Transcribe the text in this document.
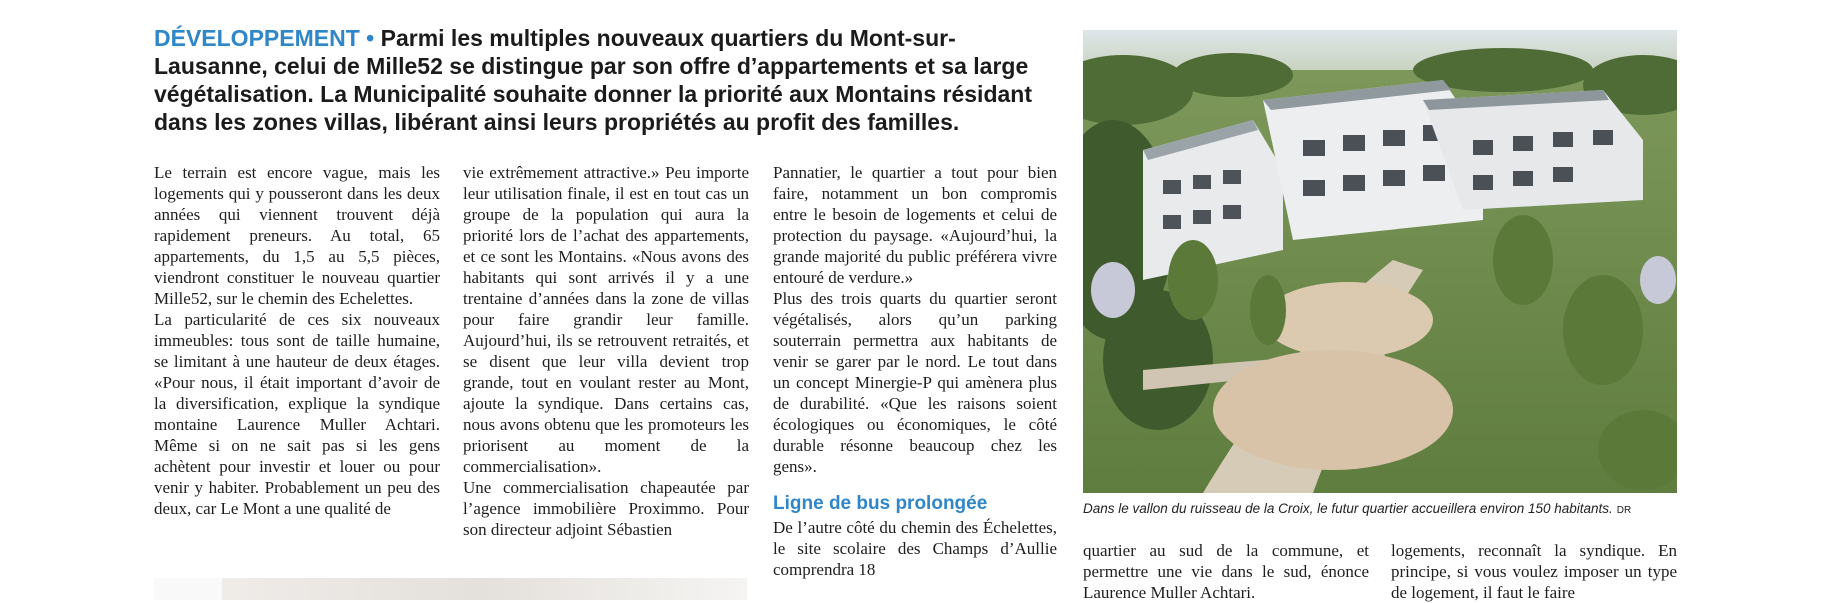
DÉVELOPPEMENT • Parmi les multiples nouveaux quartiers du Mont-sur-Lausanne, celui de Mille52 se distingue par son offre d’appartements et sa large végétalisation. La Municipalité souhaite donner la priorité aux Montains résidant dans les zones villas, libérant ainsi leurs propriétés au profit des familles.

Le terrain est encore vague, mais les logements qui y pousseront dans les deux années qui viennent trouvent déjà rapidement preneurs. Au total, 65 appartements, du 1,5 au 5,5 pièces, viendront constituer le nouveau quartier Mille52, sur le chemin des Echelettes.

La particularité de ces six nouveaux immeubles: tous sont de taille humaine, se limitant à une hauteur de deux étages. «Pour nous, il était important d’avoir de la diversification, explique la syndique montaine Laurence Muller Achtari. Même si on ne sait pas si les gens achètent pour investir et louer ou pour venir y habiter. Probablement un peu des deux, car Le Mont a une qualité de

vie extrêmement attractive.» Peu importe leur utilisation finale, il est en tout cas un groupe de la population qui aura la priorité lors de l’achat des appartements, et ce sont les Montains. «Nous avons des habitants qui sont arrivés il y a une trentaine d’années dans la zone de villas pour faire grandir leur famille. Aujourd’hui, ils se retrouvent retraités, et se disent que leur villa devient trop grande, tout en voulant rester au Mont, ajoute la syndique. Dans certains cas, nous avons obtenu que les promoteurs les priorisent au moment de la commercialisation».

Une commercialisation chapeautée par l’agence immobilière Proximmo. Pour son directeur adjoint Sébastien

Pannatier, le quartier a tout pour bien faire, notamment un bon compromis entre le besoin de logements et celui de protection du paysage. «Aujourd’hui, la grande majorité du public préférera vivre entouré de verdure.»

Plus des trois quarts du quartier seront végétalisés, alors qu’un parking souterrain permettra aux habitants de venir se garer par le nord. Le tout dans un concept Minergie-P qui amènera plus de durabilité. «Que les raisons soient écologiques ou économiques, le côté durable résonne beaucoup chez les gens».

Ligne de bus prolongée

De l’autre côté du chemin des Échelettes, le site scolaire des Champs d’Aullie comprendra 18

Dans le vallon du ruisseau de la Croix, le futur quartier accueillera environ 150 habitants. DR

quartier au sud de la commune, et permettre une vie dans le sud, énonce Laurence Muller Achtari.

logements, reconnaît la syndique. En principe, si vous voulez imposer un type de logement, il faut le faire
